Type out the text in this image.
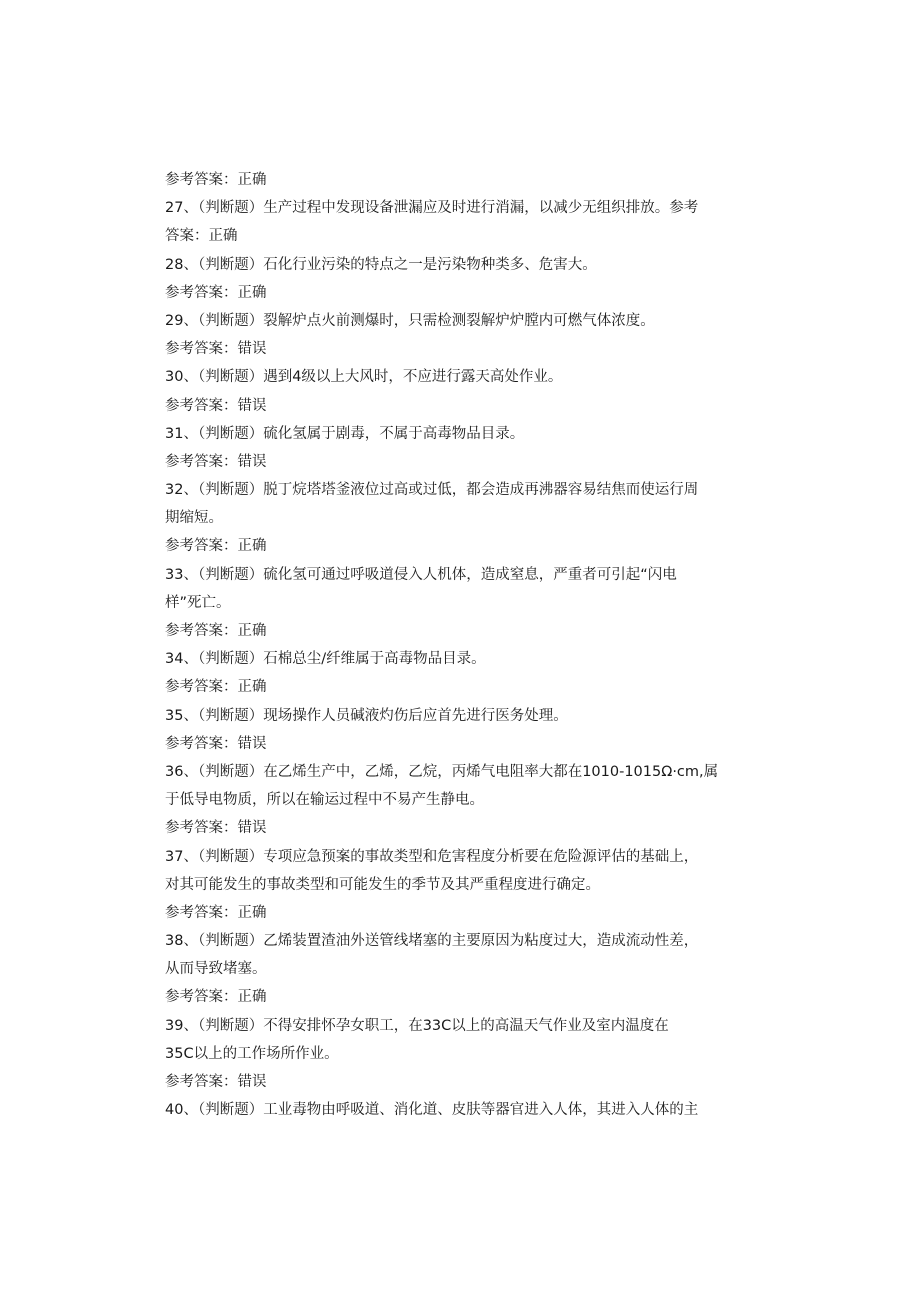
参考答案：正确
27、（判断题）生产过程中发现设备泄漏应及时进行消漏，以减少无组织排放。参考
答案：正确
28、（判断题）石化行业污染的特点之一是污染物种类多、危害大。
参考答案：正确
29、（判断题）裂解炉点火前测爆时，只需检测裂解炉炉膛内可燃气体浓度。
参考答案：错误
30、（判断题）遇到4级以上大风时，不应进行露天高处作业。
参考答案：错误
31、（判断题）硫化氢属于剧毒，不属于高毒物品目录。
参考答案：错误
32、（判断题）脱丁烷塔塔釜液位过高或过低，都会造成再沸器容易结焦而使运行周
期缩短。
参考答案：正确
33、（判断题）硫化氢可通过呼吸道侵入人机体，造成窒息，严重者可引起“闪电
样”死亡。
参考答案：正确
34、（判断题）石棉总尘/纤维属于高毒物品目录。
参考答案：正确
35、（判断题）现场操作人员碱液灼伤后应首先进行医务处理。
参考答案：错误
36、（判断题）在乙烯生产中，乙烯，乙烷，丙烯气电阻率大都在1010-1015Ω·cm,属
于低导电物质，所以在输运过程中不易产生静电。
参考答案：错误
37、（判断题）专项应急预案的事故类型和危害程度分析要在危险源评估的基础上，
对其可能发生的事故类型和可能发生的季节及其严重程度进行确定。
参考答案：正确
38、（判断题）乙烯装置渣油外送管线堵塞的主要原因为粘度过大，造成流动性差，
从而导致堵塞。
参考答案：正确
39、（判断题）不得安排怀孕女职工，在33C以上的高温天气作业及室内温度在
35C以上的工作场所作业。
参考答案：错误
40、（判断题）工业毒物由呼吸道、消化道、皮肤等器官进入人体，其进入人体的主
